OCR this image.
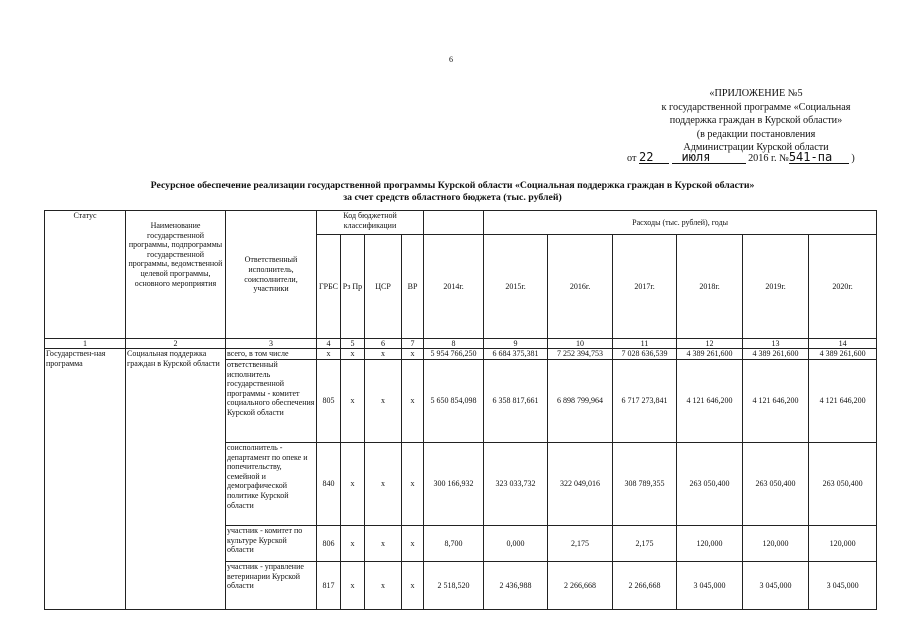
6
«ПРИЛОЖЕНИЕ №5
к государственной программе «Социальная
поддержка граждан в Курской области»
(в редакции постановления
Администрации Курской области
от 22 июля	2016 г. №541-па )
Ресурсное обеспечение реализации государственной программы Курской области «Социальная поддержка граждан в Курской области»
за счет средств областного бюджета (тыс. рублей)
Статус	Наименование государственной программы, подпрограммы государственной программы, ведомственной целевой программы, основного мероприятия	Ответственный исполнитель, соисполнители, участники	Код бюджетной классификации					Расходы (тыс. рублей), годы					
			ГРБС	Рз Пр	ЦСР	ВР	2014г.	2015г.	2016г.	2017г.	2018г.	2019г.	2020г.
1	2	3	4	5	6	7	8	9	10	11	12	13	14
Государствен-ная программа	Социальная поддержка граждан в Курской области	всего, в том числе	х	х	х	х	5 954 766,250	6 684 375,381	7 252 394,753	7 028 636,539	4 389 261,600	4 389 261,600	4 389 261,600
		ответственный исполнитель государственной программы - комитет социального обеспечения Курской области	805	х	х	х	5 650 854,098	6 358 817,661	6 898 799,964	6 717 273,841	4 121 646,200	4 121 646,200	4 121 646,200
		соисполнитель - департамент по опеке и попечительству, семейной и демографической политике Курской области	840	х	х	х	300 166,932	323 033,732	322 049,016	308 789,355	263 050,400	263 050,400	263 050,400
		участник - комитет по культуре Курской области	806	х	х	х	8,700	0,000	2,175	2,175	120,000	120,000	120,000
		участник - управление ветеринарии Курской области	817	х	х	х	2 518,520	2 436,988	2 266,668	2 266,668	3 045,000	3 045,000	3 045,000
